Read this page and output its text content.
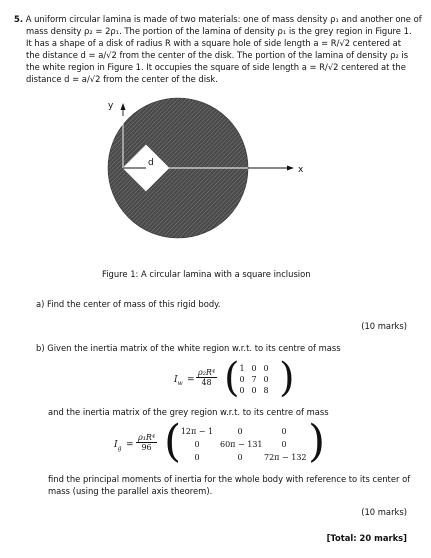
5. A uniform circular lamina is made of two materials: one of mass density ρ₁ and another one of
mass density ρ₂ = 2ρ₁. The portion of the lamina of density ρ₁ is the grey region in Figure 1.
It has a shape of a disk of radius R with a square hole of side length a = R/√2 centered at
the distance d = a/√2 from the center of the disk. The portion of the lamina of density ρ₂ is
the white region in Figure 1. It occupies the square of side length a = R/√2 centered at the
distance d = a/√2 from the center of the disk.
y
x
d
Figure 1: A circular lamina with a square inclusion
a) Find the center of mass of this rigid body.
(10 marks)
b) Given the inertia matrix of the white region w.r.t. to its centre of mass
$I_w = \frac{\text{ρ₂R⁴}}{48}$ ( )
1 0 0
0 7 0
0 0 8
and the inertia matrix of the grey region w.r.t. to its centre of mass
$I_g = \frac{\text{ρ₁R⁴}}{96}$ (	)
12π − 1	0	0
0	60π − 131	0
0	0	72π − 132
find the principal moments of inertia for the whole body with reference to its center of
mass (using the parallel axis theorem).
(10 marks)
[Total: 20 marks]
